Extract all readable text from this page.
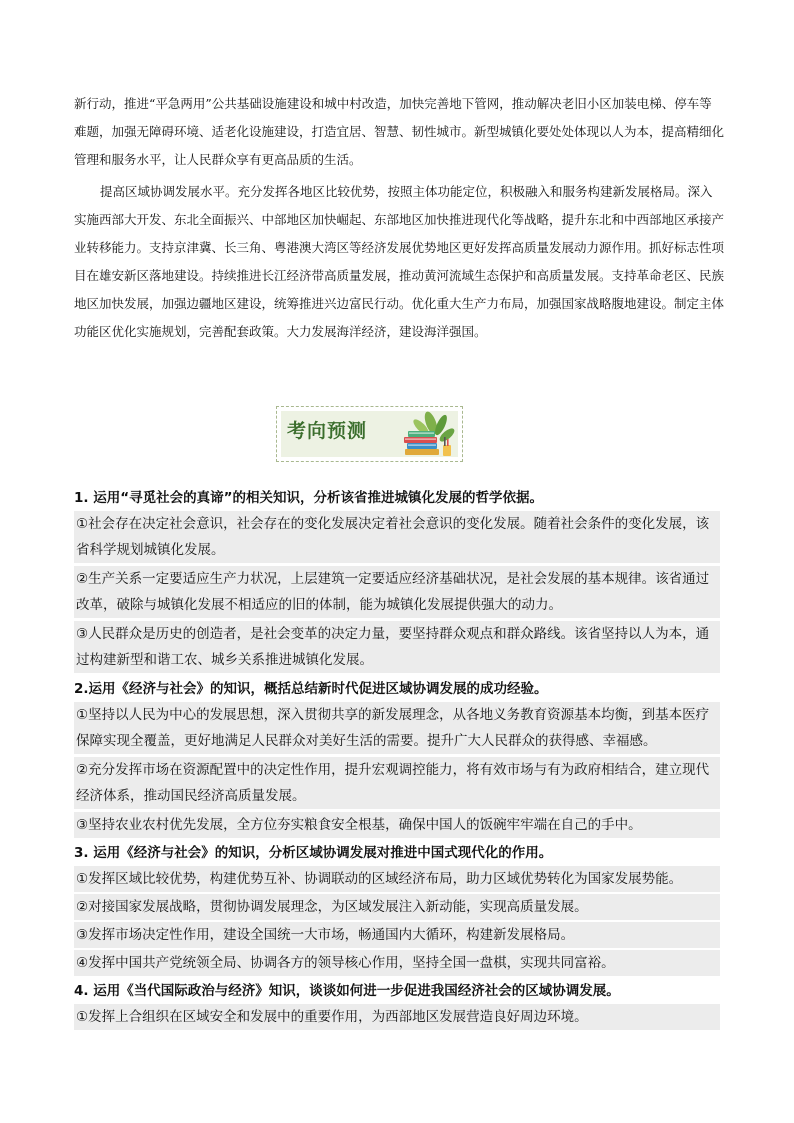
新行动，推进“平急两用”公共基础设施建设和城中村改造，加快完善地下管网，推动解决老旧小区加装电梯、停车等难题，加强无障碍环境、适老化设施建设，打造宜居、智慧、韧性城市。新型城镇化要处处体现以人为本，提高精细化管理和服务水平，让人民群众享有更高品质的生活。
提高区域协调发展水平。充分发挥各地区比较优势，按照主体功能定位，积极融入和服务构建新发展格局。深入实施西部大开发、东北全面振兴、中部地区加快崛起、东部地区加快推进现代化等战略，提升东北和中西部地区承接产业转移能力。支持京津冀、长三角、粤港澳大湾区等经济发展优势地区更好发挥高质量发展动力源作用。抓好标志性项目在雄安新区落地建设。持续推进长江经济带高质量发展，推动黄河流域生态保护和高质量发展。支持革命老区、民族地区加快发展，加强边疆地区建设，统筹推进兴边富民行动。优化重大生产力布局，加强国家战略腹地建设。制定主体功能区优化实施规划，完善配套政策。大力发展海洋经济，建设海洋强国。
考向预测

1. 运用“寻觅社会的真谛”的相关知识，分析该省推进城镇化发展的哲学依据。

①社会存在决定社会意识，社会存在的变化发展决定着社会意识的变化发展。随着社会条件的变化发展，该省科学规划城镇化发展。

②生产关系一定要适应生产力状况，上层建筑一定要适应经济基础状况，是社会发展的基本规律。该省通过改革，破除与城镇化发展不相适应的旧的体制，能为城镇化发展提供强大的动力。

③人民群众是历史的创造者，是社会变革的决定力量，要坚持群众观点和群众路线。该省坚持以人为本，通过构建新型和谐工农、城乡关系推进城镇化发展。

2.运用《经济与社会》的知识，概括总结新时代促进区域协调发展的成功经验。

①坚持以人民为中心的发展思想，深入贯彻共享的新发展理念，从各地义务教育资源基本均衡，到基本医疗保障实现全覆盖，更好地满足人民群众对美好生活的需要。提升广大人民群众的获得感、幸福感。

②充分发挥市场在资源配置中的决定性作用，提升宏观调控能力，将有效市场与有为政府相结合，建立现代经济体系，推动国民经济高质量发展。

③坚持农业农村优先发展，全方位夯实粮食安全根基，确保中国人的饭碗牢牢端在自己的手中。

3. 运用《经济与社会》的知识，分析区域协调发展对推进中国式现代化的作用。

①发挥区域比较优势，构建优势互补、协调联动的区域经济布局，助力区域优势转化为国家发展势能。

②对接国家发展战略，贯彻协调发展理念，为区域发展注入新动能，实现高质量发展。

③发挥市场决定性作用，建设全国统一大市场，畅通国内大循环，构建新发展格局。

④发挥中国共产党统领全局、协调各方的领导核心作用，坚持全国一盘棋，实现共同富裕。

4. 运用《当代国际政治与经济》知识，谈谈如何进一步促进我国经济社会的区域协调发展。

①发挥上合组织在区域安全和发展中的重要作用，为西部地区发展营造良好周边环境。
